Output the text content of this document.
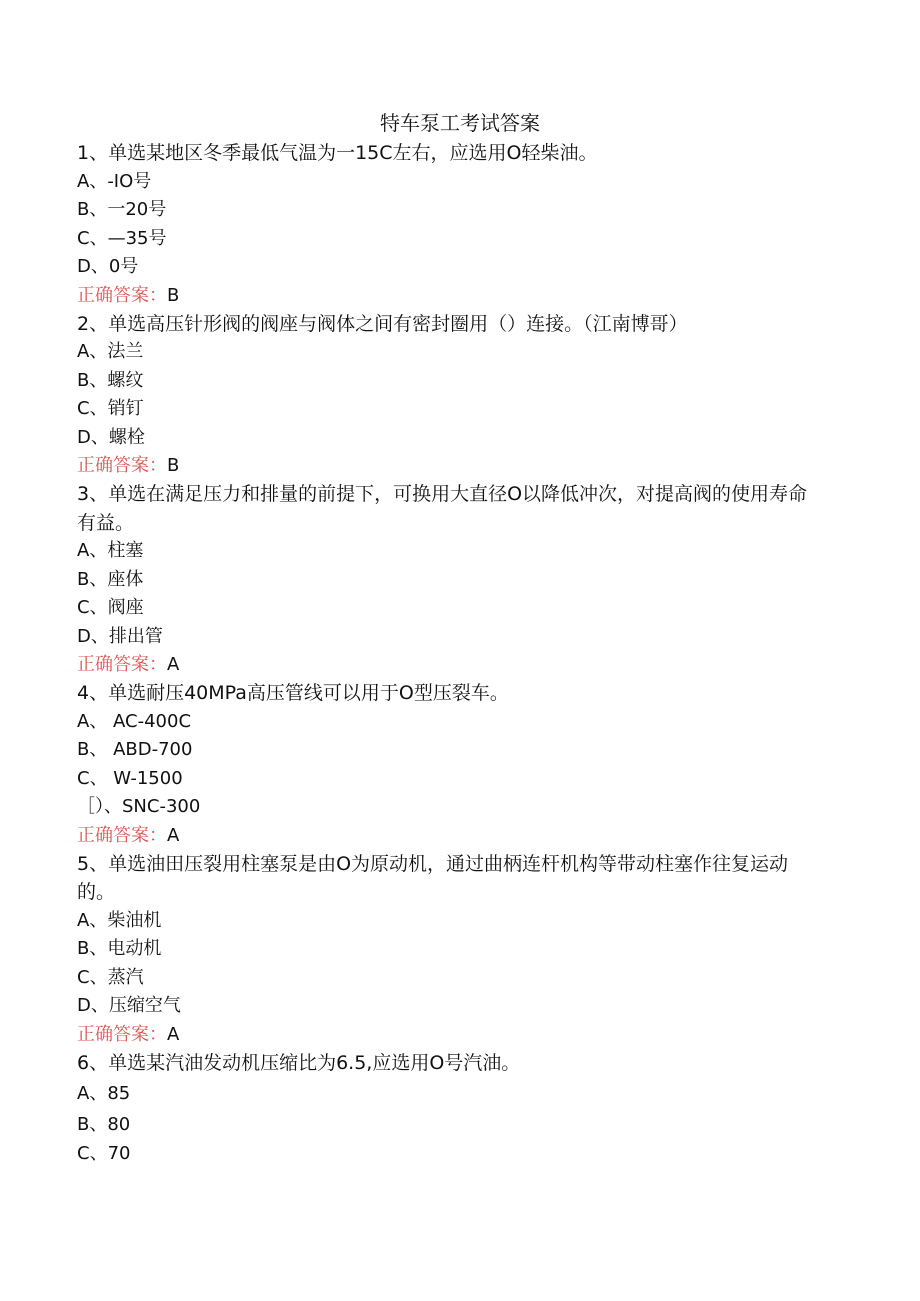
特车泵工考试答案
1、单选某地区冬季最低气温为一15C左右，应选用O轻柴油。
A、-IO号
B、一20号
C、—35号
D、0号
正确答案：B
2、单选高压针形阀的阀座与阀体之间有密封圈用（）连接。（江南博哥）
A、法兰
B、螺纹
C、销钉
D、螺栓
正确答案：B
3、单选在满足压力和排量的前提下，可换用大直径O以降低冲次，对提高阀的使用寿命有益。
A、柱塞
B、座体
C、阀座
D、排出管
正确答案：A
4、单选耐压40MPa高压管线可以用于O型压裂车。
A、 AC-400C
B、 ABD-700
C、 W-1500
［）、SNC-300
正确答案：A
5、单选油田压裂用柱塞泵是由O为原动机，通过曲柄连杆机构等带动柱塞作往复运动的。
A、柴油机
B、电动机
C、蒸汽
D、压缩空气
正确答案：A
6、单选某汽油发动机压缩比为6.5,应选用O号汽油。
A、85
B、80
C、70
